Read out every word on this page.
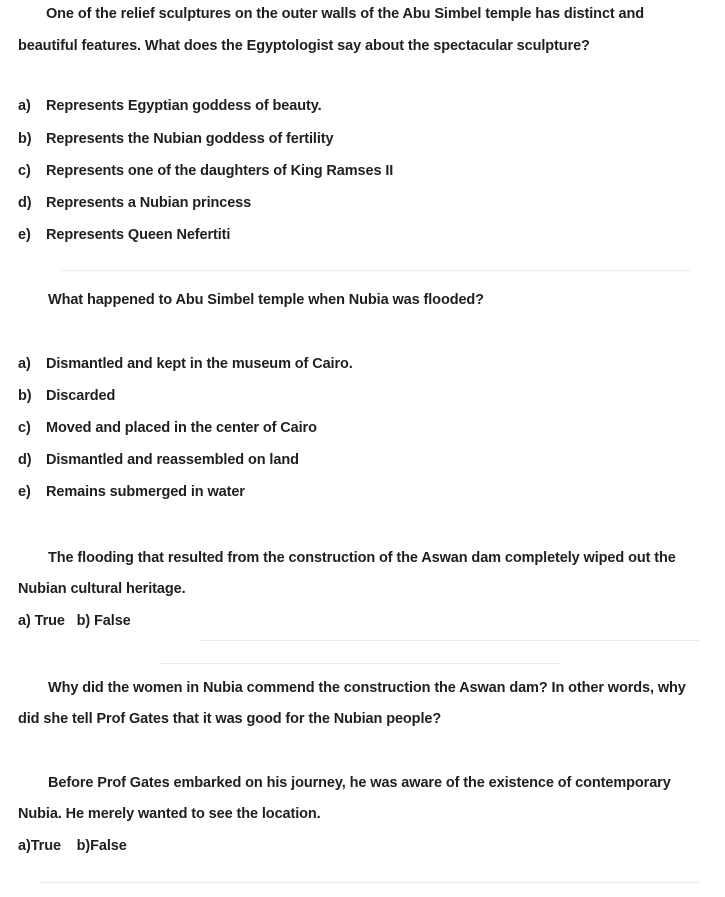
One of the relief sculptures on the outer walls of the Abu Simbel temple has distinct and
beautiful features. What does the Egyptologist say about the spectacular sculpture?
a) Represents Egyptian goddess of beauty.
b) Represents the Nubian goddess of fertility
c) Represents one of the daughters of King Ramses II
d) Represents a Nubian princess
e) Represents Queen Nefertiti
What happened to Abu Simbel temple when Nubia was flooded?
a) Dismantled and kept in the museum of Cairo.
b) Discarded
c) Moved and placed in the center of Cairo
d) Dismantled and reassembled on land
e) Remains submerged in water
The flooding that resulted from the construction of the Aswan dam completely wiped out the
Nubian cultural heritage.
a) True   b) False
Why did the women in Nubia commend the construction the Aswan dam? In other words, why
did she tell Prof Gates that it was good for the Nubian people?
Before Prof Gates embarked on his journey, he was aware of the existence of contemporary
Nubia. He merely wanted to see the location.
a)True    b)False
